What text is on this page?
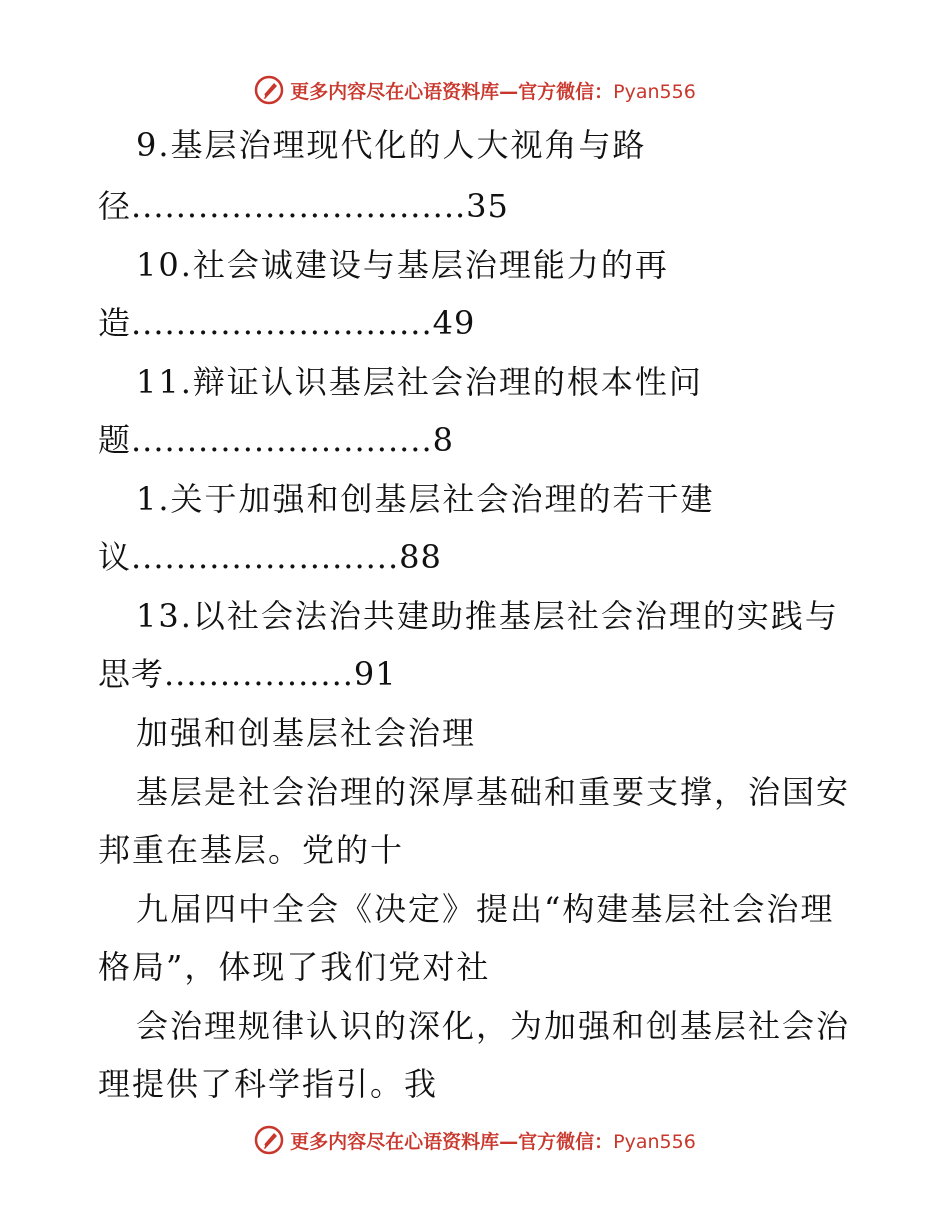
更多内容尽在心语资料库—官方微信：Pyan556
9.基层治理现代化的人大视角与路
径..............................35
10.社会诚建设与基层治理能力的再
造...........................49
11.辩证认识基层社会治理的根本性问
题...........................8
1.关于加强和创基层社会治理的若干建
议........................88
13.以社会法治共建助推基层社会治理的实践与
思考.................91
加强和创基层社会治理
基层是社会治理的深厚基础和重要支撑，治国安
邦重在基层。党的十
九届四中全会《决定》提出“构建基层社会治理
格局”，体现了我们党对社
会治理规律认识的深化，为加强和创基层社会治
理提供了科学指引。我
更多内容尽在心语资料库—官方微信：Pyan556
